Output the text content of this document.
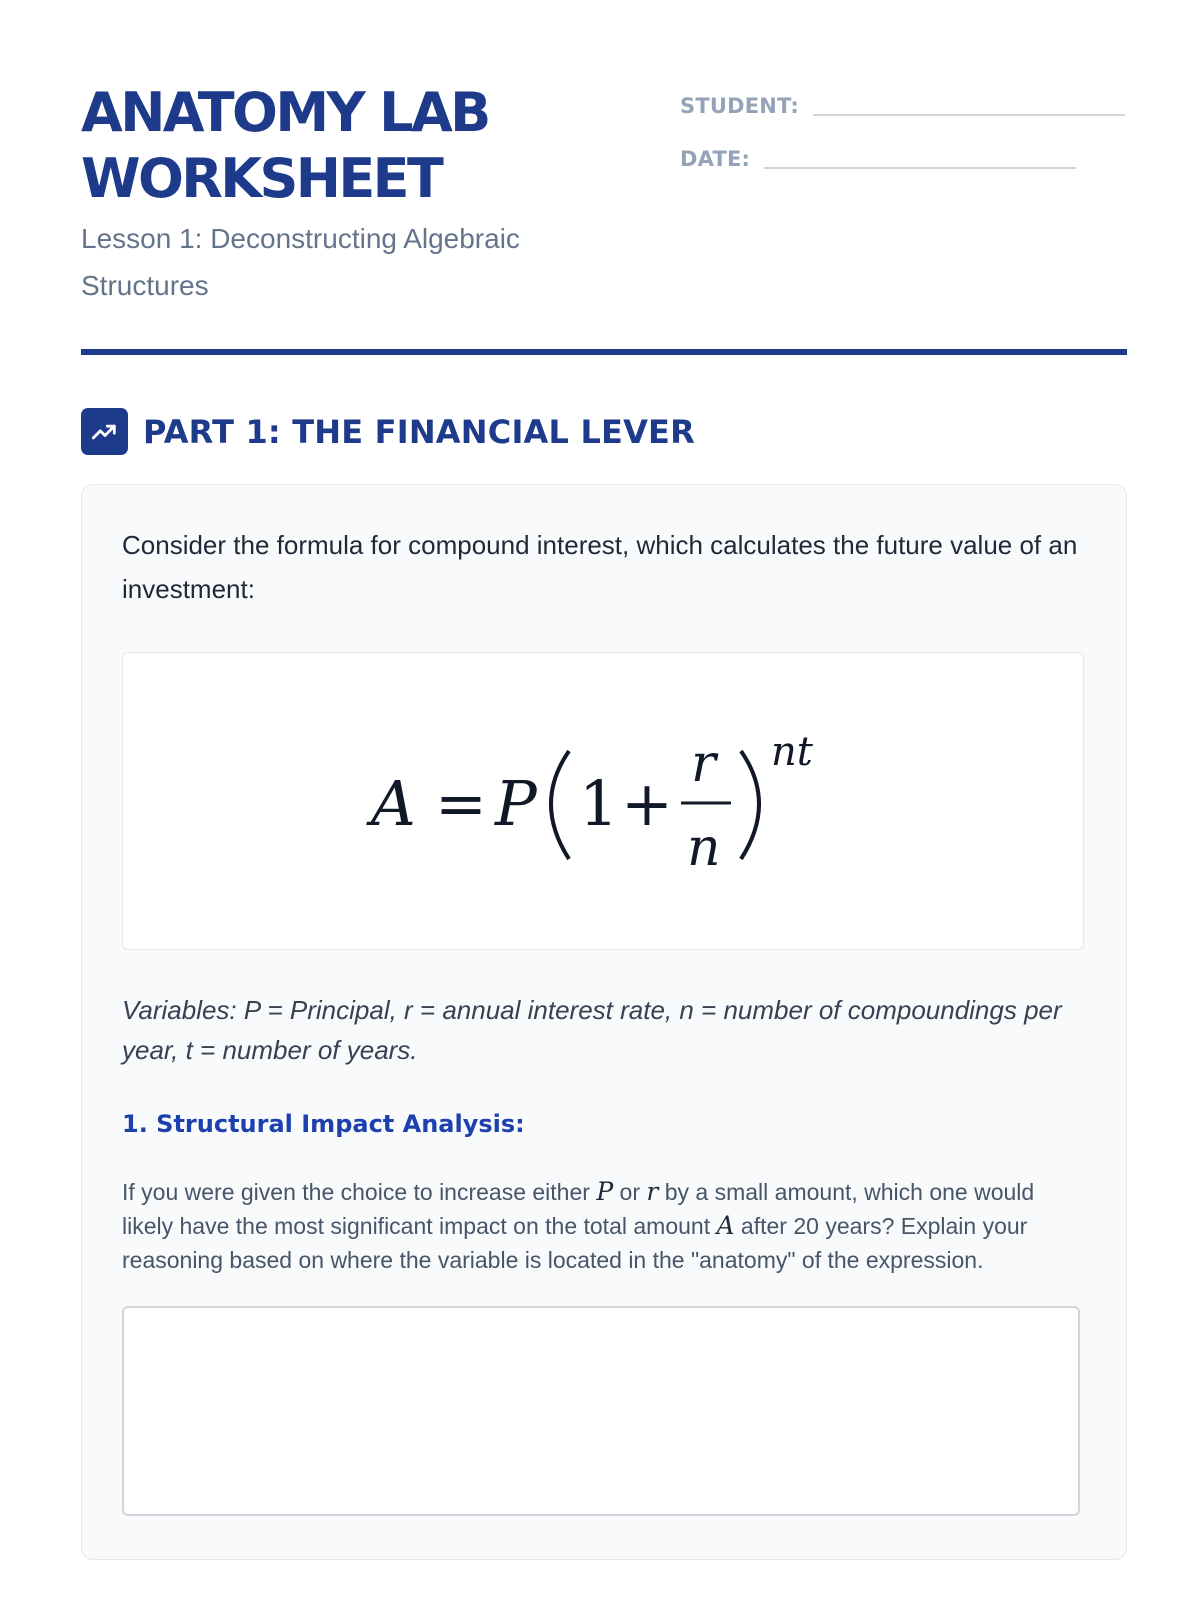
ANATOMY LAB WORKSHEET
Lesson 1: Deconstructing Algebraic Structures
STUDENT:
DATE:
PART 1: THE FINANCIAL LEVER
Consider the formula for compound interest, which calculates the future value of an investment:
A = P 1 +
r
n
nt
Variables: P = Principal, r = annual interest rate, n = number of compoundings per year, t = number of years.
1. Structural Impact Analysis:
If you were given the choice to increase either P or r by a small amount, which one would likely have the most significant impact on the total amount A after 20 years? Explain your reasoning based on where the variable is located in the "anatomy" of the expression.
